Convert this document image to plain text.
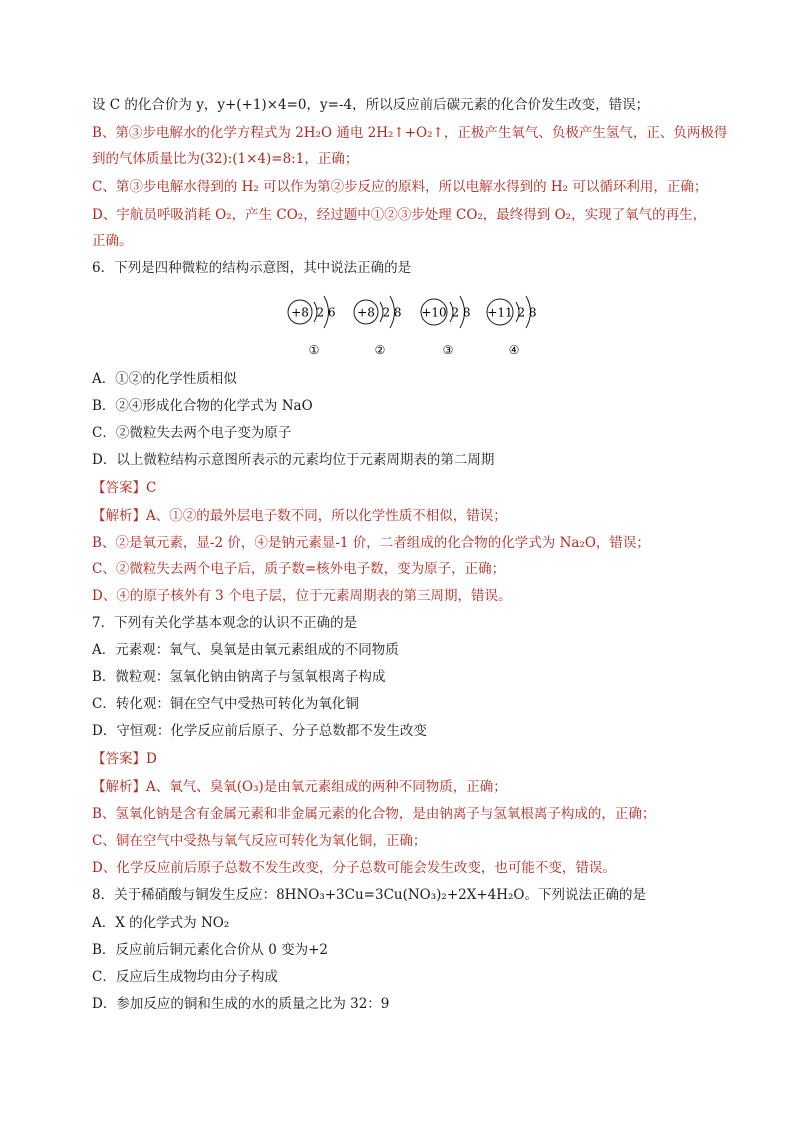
设 C 的化合价为 y，y+(+1)×4=0，y=-4，所以反应前后碳元素的化合价发生改变，错误；
B、第③步电解水的化学方程式为 2H₂O 通电 2H₂↑+O₂↑，正极产生氧气、负极产生氢气，正、负两极得
到的气体质量比为(32):(1×4)=8:1，正确；
C、第③步电解水得到的 H₂ 可以作为第②步反应的原料，所以电解水得到的 H₂ 可以循环利用，正确；
D、宇航员呼吸消耗 O₂，产生 CO₂，经过题中①②③步处理 CO₂，最终得到 O₂，实现了氧气的再生，
正确。
6．下列是四种微粒的结构示意图，其中说法正确的是
+8 2 6
①
+8 2 8
②
+10 2 8
③
+11 2 8
④
A．①②的化学性质相似
B．②④形成化合物的化学式为 NaO
C．②微粒失去两个电子变为原子
D．以上微粒结构示意图所表示的元素均位于元素周期表的第二周期
【答案】C
【解析】A、①②的最外层电子数不同，所以化学性质不相似，错误；
B、②是氧元素，显-2 价，④是钠元素显-1 价，二者组成的化合物的化学式为 Na₂O，错误；
C、②微粒失去两个电子后，质子数=核外电子数，变为原子，正确；
D、④的原子核外有 3 个电子层，位于元素周期表的第三周期，错误。
7．下列有关化学基本观念的认识不正确的是
A．元素观：氧气、臭氧是由氧元素组成的不同物质
B．微粒观：氢氧化钠由钠离子与氢氧根离子构成
C．转化观：铜在空气中受热可转化为氧化铜
D．守恒观：化学反应前后原子、分子总数都不发生改变
【答案】D
【解析】A、氧气、臭氧(O₃)是由氧元素组成的两种不同物质，正确；
B、氢氧化钠是含有金属元素和非金属元素的化合物，是由钠离子与氢氧根离子构成的，正确；
C、铜在空气中受热与氧气反应可转化为氧化铜，正确；
D、化学反应前后原子总数不发生改变，分子总数可能会发生改变，也可能不变，错误。
8．关于稀硝酸与铜发生反应：8HNO₃+3Cu=3Cu(NO₃)₂+2X+4H₂O。下列说法正确的是
A．X 的化学式为 NO₂
B．反应前后铜元素化合价从 0 变为+2
C．反应后生成物均由分子构成
D．参加反应的铜和生成的水的质量之比为 32：9
